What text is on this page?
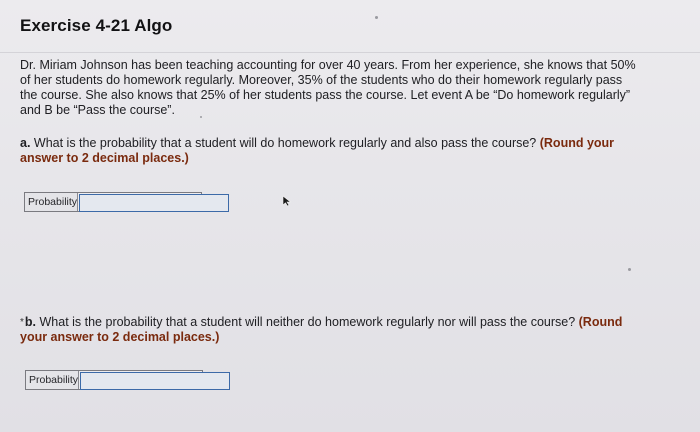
Exercise 4-21 Algo
Dr. Miriam Johnson has been teaching accounting for over 40 years. From her experience, she knows that 50%
of her students do homework regularly. Moreover, 35% of the students who do their homework regularly pass
the course. She also knows that 25% of her students pass the course. Let event A be “Do homework regularly”
and B be “Pass the course”.
a. What is the probability that a student will do homework regularly and also pass the course? (Round your
answer to 2 decimal places.)
Probability
*b. What is the probability that a student will neither do homework regularly nor will pass the course? (Round
your answer to 2 decimal places.)
Probability
